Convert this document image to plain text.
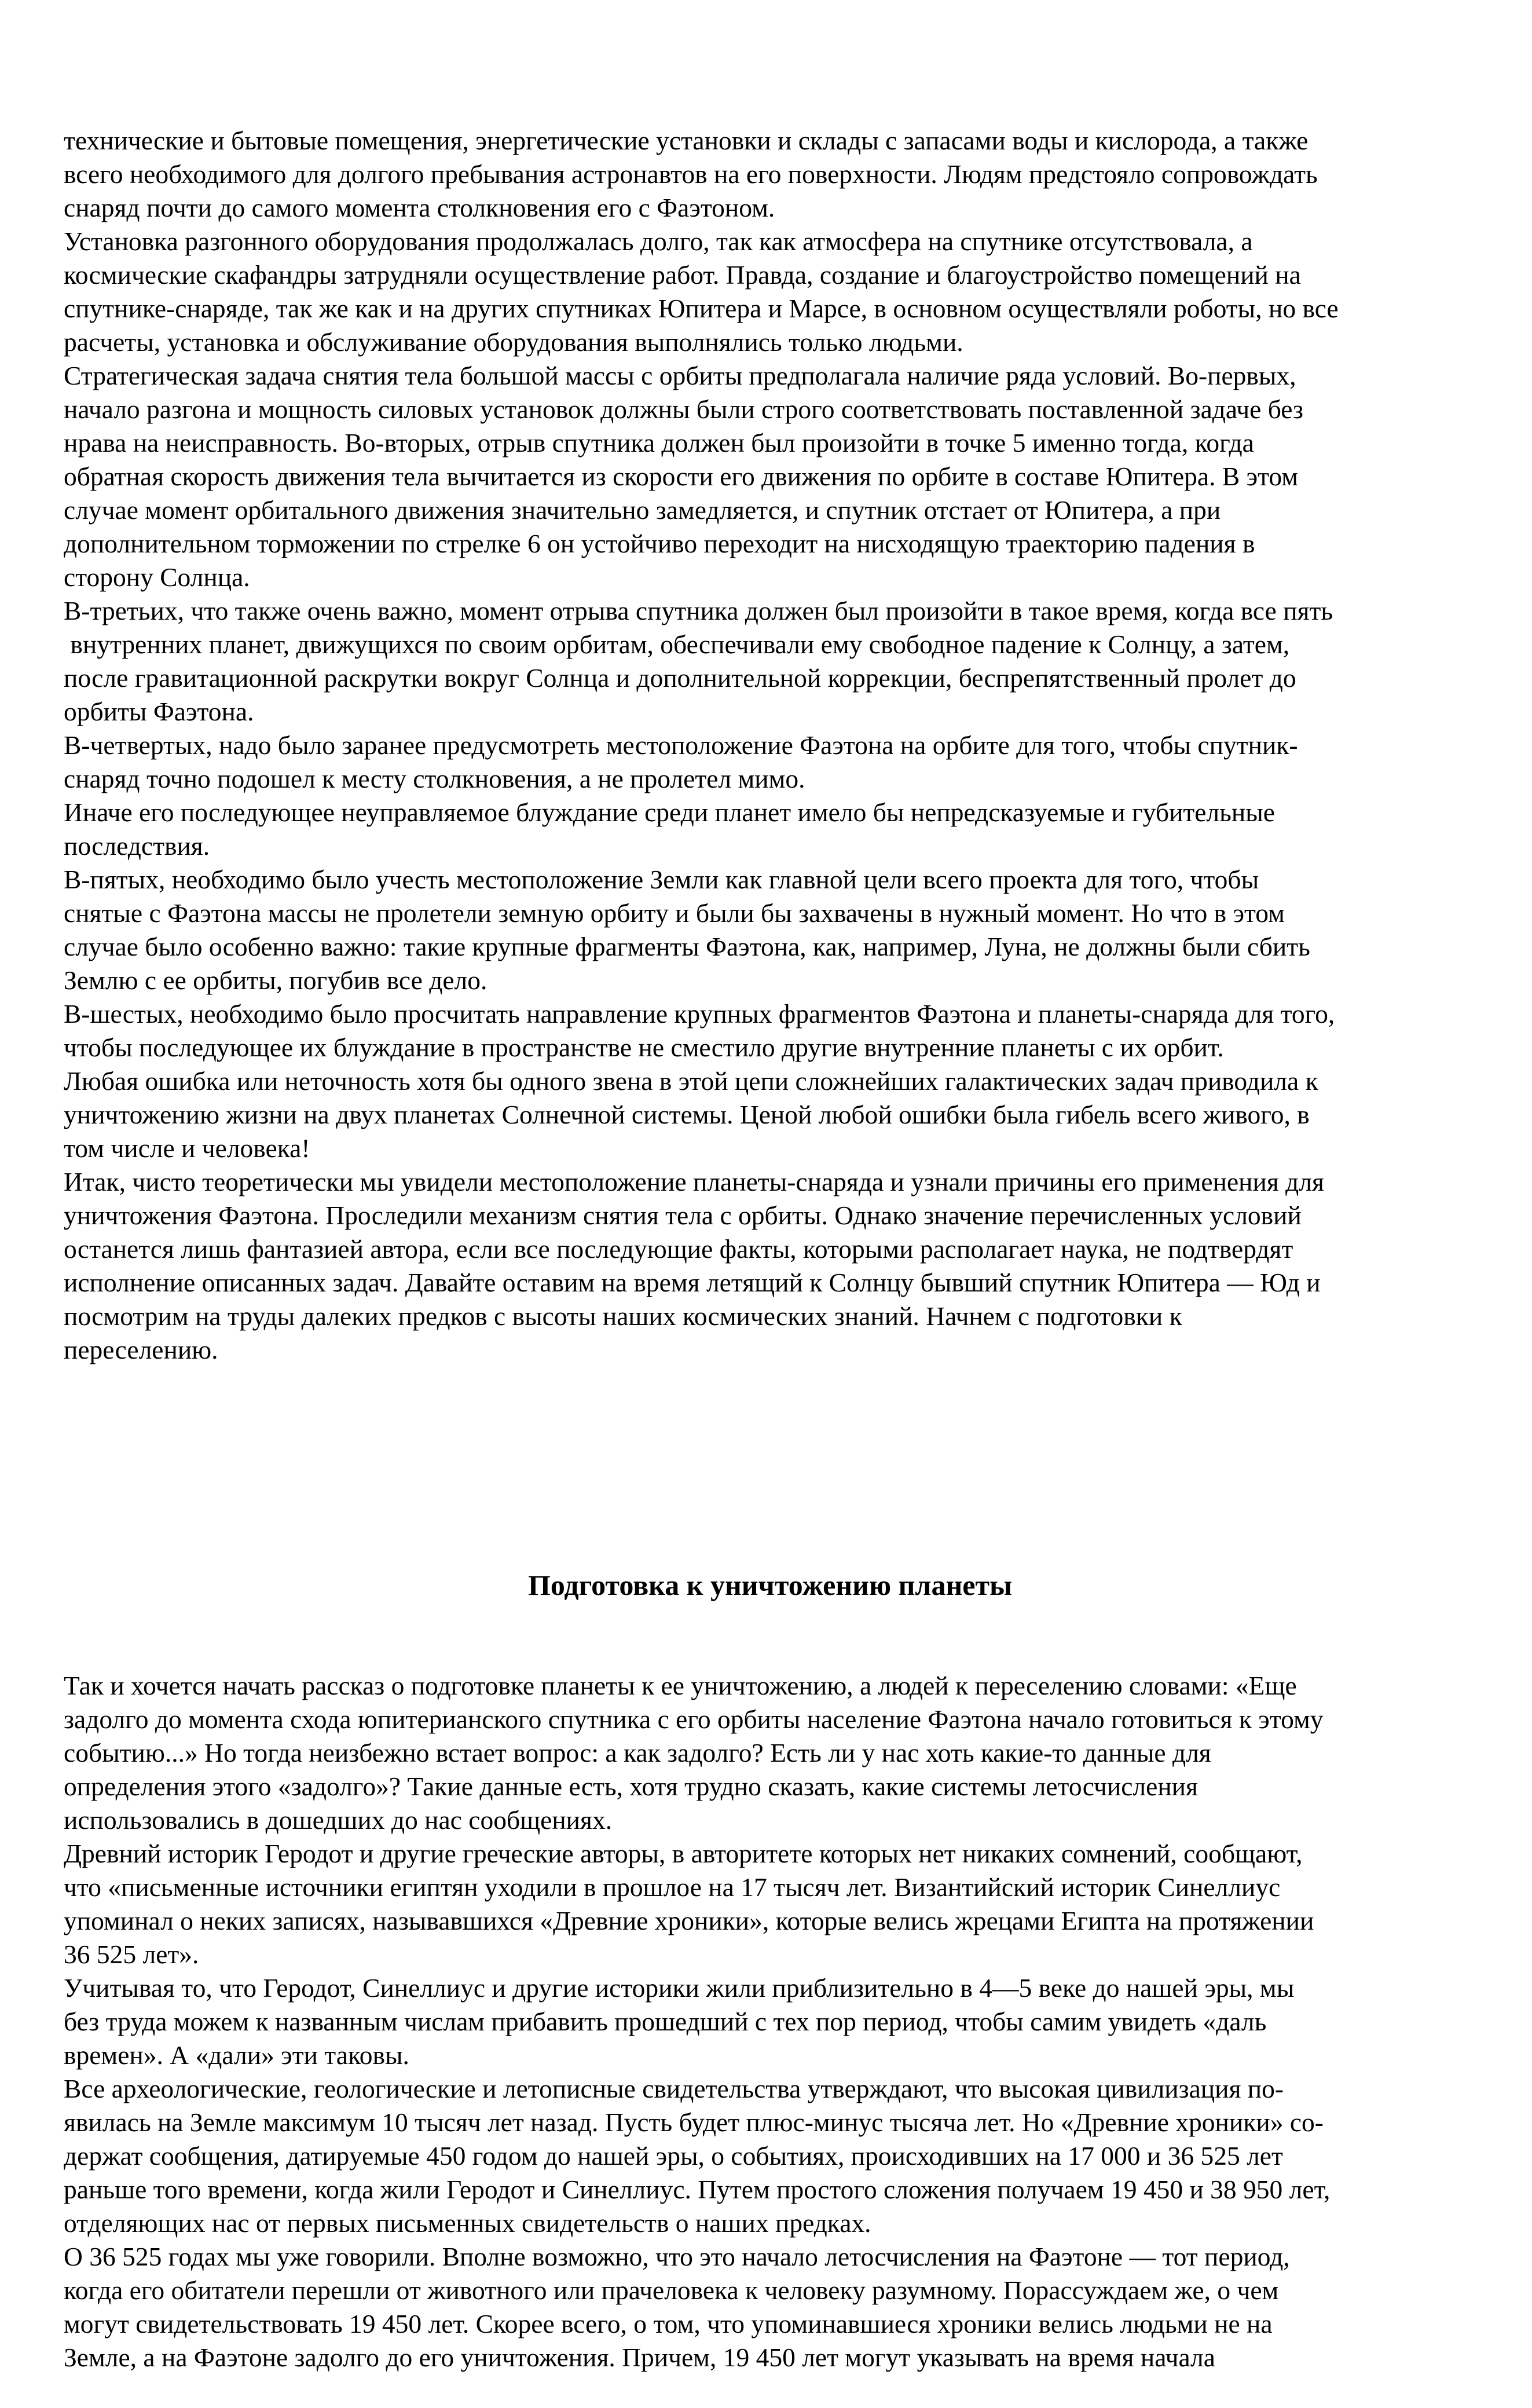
технические и бытовые помещения, энергетические установки и склады с запасами воды и кислорода, а также
всего необходимого для долгого пребывания астронавтов на его поверхности. Людям предстояло сопровождать
снаряд почти до самого момента столкновения его с Фаэтоном.
Установка разгонного оборудования продолжалась долго, так как атмосфера на спутнике отсутствовала, а
космические скафандры затрудняли осуществление работ. Правда, создание и благоустройство помещений на
спутнике-снаряде, так же как и на других спутниках Юпитера и Марсе, в основном осуществляли роботы, но все
расчеты, установка и обслуживание оборудования выполнялись только людьми.
Стратегическая задача снятия тела большой массы с орбиты предполагала наличие ряда условий. Во-первых,
начало разгона и мощность силовых установок должны были строго соответствовать поставленной задаче без
нрава на неисправность. Во-вторых, отрыв спутника должен был произойти в точке 5 именно тогда, когда
обратная скорость движения тела вычитается из скорости его движения по орбите в составе Юпитера. В этом
случае момент орбитального движения значительно замедляется, и спутник отстает от Юпитера, а при
дополнительном торможении по стрелке 6 он устойчиво переходит на нисходящую траекторию падения в
сторону Солнца.
В-третьих, что также очень важно, момент отрыва спутника должен был произойти в такое время, когда все пять
внутренних планет, движущихся по своим орбитам, обеспечивали ему свободное падение к Солнцу, а затем,
после гравитационной раскрутки вокруг Солнца и дополнительной коррекции, беспрепятственный пролет до
орбиты Фаэтона.
В-четвертых, надо было заранее предусмотреть местоположение Фаэтона на орбите для того, чтобы спутник-
снаряд точно подошел к месту столкновения, а не пролетел мимо.
Иначе его последующее неуправляемое блуждание среди планет имело бы непредсказуемые и губительные
последствия.
В-пятых, необходимо было учесть местоположение Земли как главной цели всего проекта для того, чтобы
снятые с Фаэтона массы не пролетели земную орбиту и были бы захвачены в нужный момент. Но что в этом
случае было особенно важно: такие крупные фрагменты Фаэтона, как, например, Луна, не должны были сбить
Землю с ее орбиты, погубив все дело.
В-шестых, необходимо было просчитать направление крупных фрагментов Фаэтона и планеты-снаряда для того,
чтобы последующее их блуждание в пространстве не сместило другие внутренние планеты с их орбит.
Любая ошибка или неточность хотя бы одного звена в этой цепи сложнейших галактических задач приводила к
уничтожению жизни на двух планетах Солнечной системы. Ценой любой ошибки была гибель всего живого, в
том числе и человека!
Итак, чисто теоретически мы увидели местоположение планеты-снаряда и узнали причины его применения для
уничтожения Фаэтона. Проследили механизм снятия тела с орбиты. Однако значение перечисленных условий
останется лишь фантазией автора, если все последующие факты, которыми располагает наука, не подтвердят
исполнение описанных задач. Давайте оставим на время летящий к Солнцу бывший спутник Юпитера — Юд и
посмотрим на труды далеких предков с высоты наших космических знаний. Начнем с подготовки к
переселению.

Подготовка к уничтожению планеты

Так и хочется начать рассказ о подготовке планеты к ее уничтожению, а людей к переселению словами: «Еще
задолго до момента схода юпитерианского спутника с его орбиты население Фаэтона начало готовиться к этому
событию...» Но тогда неизбежно встает вопрос: а как задолго? Есть ли у нас хоть какие-то данные для
определения этого «задолго»? Такие данные есть, хотя трудно сказать, какие системы летосчисления
использовались в дошедших до нас сообщениях.
Древний историк Геродот и другие греческие авторы, в авторитете которых нет никаких сомнений, сообщают,
что «письменные источники египтян уходили в прошлое на 17 тысяч лет. Византийский историк Синеллиус
упоминал о неких записях, называвшихся «Древние хроники», которые велись жрецами Египта на протяжении
36 525 лет».
Учитывая то, что Геродот, Синеллиус и другие историки жили приблизительно в 4—5 веке до нашей эры, мы
без труда можем к названным числам прибавить прошедший с тех пор период, чтобы самим увидеть «даль
времен». А «дали» эти таковы.
Все археологические, геологические и летописные свидетельства утверждают, что высокая цивилизация по-
явилась на Земле максимум 10 тысяч лет назад. Пусть будет плюс-минус тысяча лет. Но «Древние хроники» со-
держат сообщения, датируемые 450 годом до нашей эры, о событиях, происходивших на 17 000 и 36 525 лет
раньше того времени, когда жили Геродот и Синеллиус. Путем простого сложения получаем 19 450 и 38 950 лет,
отделяющих нас от первых письменных свидетельств о наших предках.
О 36 525 годах мы уже говорили. Вполне возможно, что это начало летосчисления на Фаэтоне — тот период,
когда его обитатели перешли от животного или прачеловека к человеку разумному. Порассуждаем же, о чем
могут свидетельствовать 19 450 лет. Скорее всего, о том, что упоминавшиеся хроники велись людьми не на
Земле, а на Фаэтоне задолго до его уничтожения. Причем, 19 450 лет могут указывать на время начала
